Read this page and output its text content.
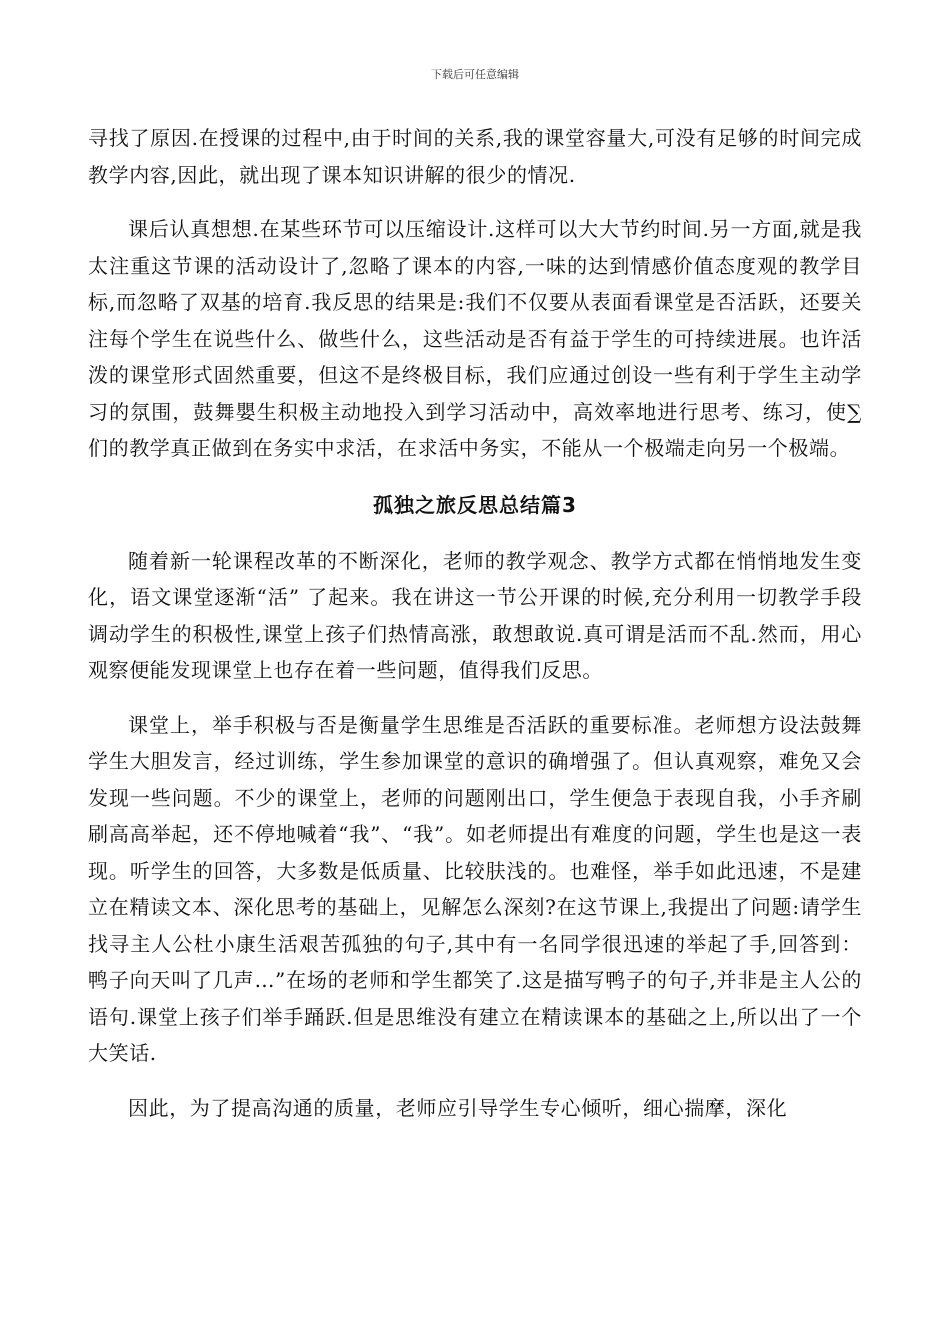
下载后可任意编辑

寻找了原因.在授课的过程中,由于时间的关系,我的课堂容量大,可没有足够的时间完成教学内容,因此，就出现了课本知识讲解的很少的情况.

课后认真想想.在某些环节可以压缩设计.这样可以大大节约时间.另一方面,就是我太注重这节课的活动设计了,忽略了课本的内容,一味的达到情感价值态度观的教学目标,而忽略了双基的培育.我反思的结果是:我们不仅要从表面看课堂是否活跃，还要关注每个学生在说些什么、做些什么，这些活动是否有益于学生的可持续进展。也许活泼的课堂形式固然重要，但这不是终极目标，我们应通过创设一些有利于学生主动学习的氛围，鼓舞嬰生积极主动地投入到学习活动中，高效率地进行思考、练习，使∑们的教学真正做到在务实中求活，在求活中务实，不能从一个极端走向另一个极端。

孤独之旅反思总结篇3

随着新一轮课程改革的不断深化，老师的教学观念、教学方式都在悄悄地发生变化，语文课堂逐渐“活” 了起来。我在讲这一节公开课的时候,充分利用一切教学手段调动学生的积极性,课堂上孩子们热情高涨，敢想敢说.真可谓是活而不乱.然而，用心观察便能发现课堂上也存在着一些问题，值得我们反思。

课堂上，举手积极与否是衡量学生思维是否活跃的重要标准。老师想方设法鼓舞学生大胆发言，经过训练，学生参加课堂的意识的确增强了。但认真观察，难免又会发现一些问题。不少的课堂上，老师的问题刚出口，学生便急于表现自我，小手齐刷刷高高举起，还不停地喊着“我”、“我”。如老师提出有难度的问题，学生也是这一表现。听学生的回答，大多数是低质量、比较肤浅的。也难怪，举手如此迅速，不是建立在精读文本、深化思考的基础上，见解怎么深刻?在这节课上,我提出了问题:请学生找寻主人公杜小康生活艰苦孤独的句子,其中有一名同学很迅速的举起了手,回答到：鸭子向天叫了几声…”在场的老师和学生都笑了.这是描写鸭子的句子,并非是主人公的语句.课堂上孩子们举手踊跃.但是思维没有建立在精读课本的基础之上,所以出了一个大笑话.

因此，为了提高沟通的质量，老师应引导学生专心倾听，细心揣摩，深化
